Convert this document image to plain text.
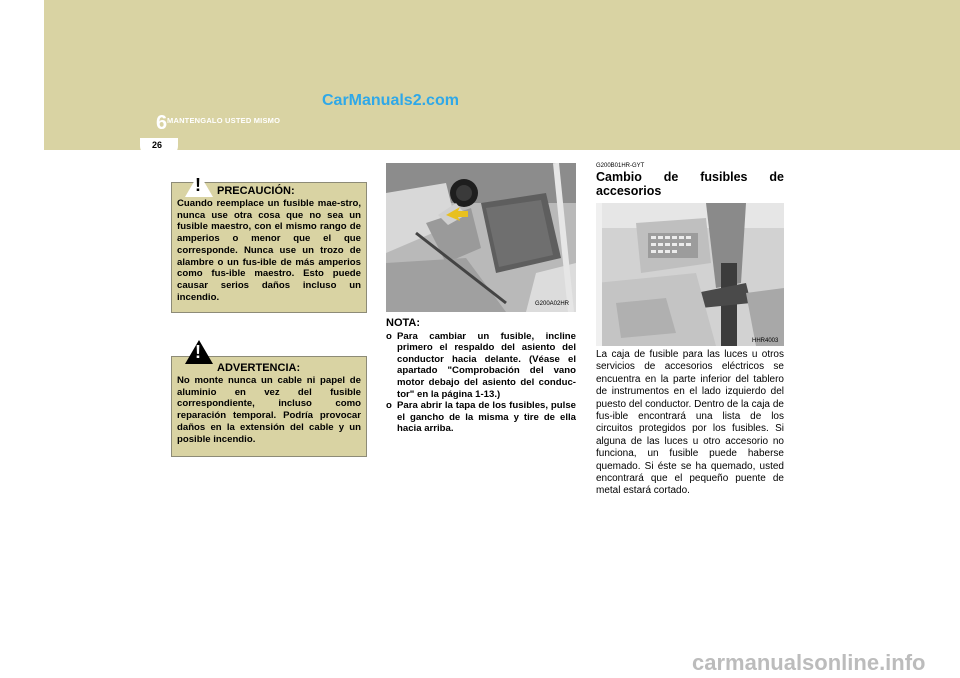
6 MANTENGALO USTED MISMO
CarManuals2.com
26
! PRECAUCIÓN:
Cuando reemplace un fusible mae-stro, nunca use otra cosa que no sea un fusible maestro, con el mismo rango de amperios o menor que el que corresponde. Nunca use un trozo de alambre o un fus-ible de más amperios como fus-ible maestro. Esto puede causar serios daños incluso un incendio.
!
ADVERTENCIA:
No monte nunca un cable ni papel de aluminio en vez del fusible correspondiente, incluso como reparación temporal. Podría provocar daños en la extensión del cable y un posible incendio.
G200A02HR
NOTA:
o Para cambiar un fusible, incline primero el respaldo del asiento del conductor hacia delante. (Véase el apartado "Comprobación del vano motor debajo del asiento del conduc-tor" en la página 1-13.)
o Para abrir la tapa de los fusibles, pulse el gancho de la misma y tire de ella hacia arriba.
G200B01HR-GYT
Cambio de fusibles de accesorios
HHR4003
La caja de fusible para las luces u otros servicios de accesorios eléctricos se encuentra en la parte inferior del tablero de instrumentos en el lado izquierdo del puesto del conductor. Dentro de la caja de fus-ible encontrará una lista de los circuitos protegidos por los fusibles. Si alguna de las luces u otro accesorio no funciona, un fusible puede haberse quemado. Si éste se ha quemado, usted encontrará que el pequeño puente de metal estará cortado.
carmanualsonline.info
